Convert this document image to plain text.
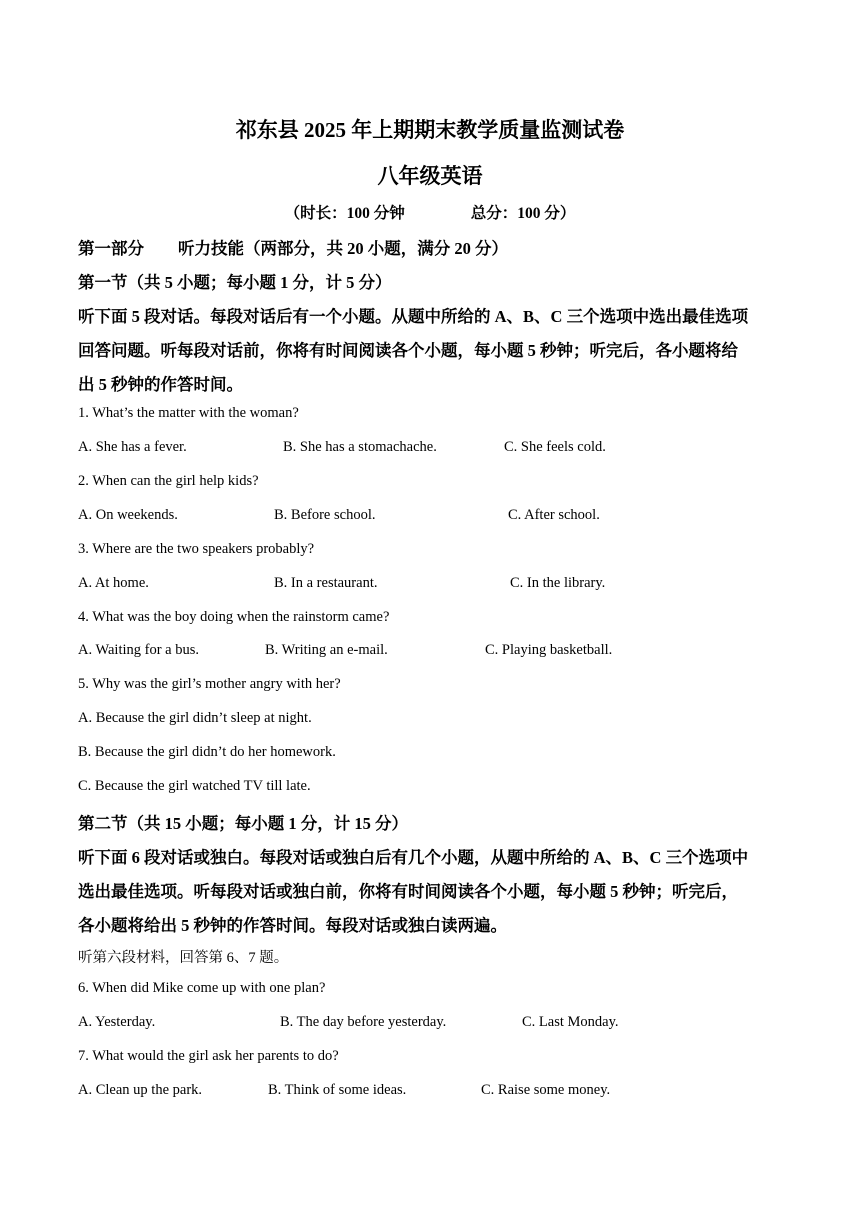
祁东县 2025 年上期期末教学质量监测试卷
八年级英语
（时长：100 分钟	总分：100 分）
第一部分 听力技能（两部分，共 20 小题，满分 20 分）
第一节（共 5 小题；每小题 1 分，计 5 分）
听下面 5 段对话。每段对话后有一个小题。从题中所给的 A、B、C 三个选项中选出最佳选项
回答问题。听每段对话前，你将有时间阅读各个小题，每小题 5 秒钟；听完后，各小题将给
出 5 秒钟的作答时间。
1. What’s the matter with the woman?
A. She has a fever.	B. She has a stomachache.	C. She feels cold.
2. When can the girl help kids?
A. On weekends.	B. Before school.	C. After school.
3. Where are the two speakers probably?
A. At home.	B. In a restaurant.	C. In the library.
4. What was the boy doing when the rainstorm came?
A. Waiting for a bus.	B. Writing an e-mail.	C. Playing basketball.
5. Why was the girl’s mother angry with her?
A. Because the girl didn’t sleep at night.
B. Because the girl didn’t do her homework.
C. Because the girl watched TV till late.
第二节（共 15 小题；每小题 1 分，计 15 分）
听下面 6 段对话或独白。每段对话或独白后有几个小题，从题中所给的 A、B、C 三个选项中
选出最佳选项。听每段对话或独白前，你将有时间阅读各个小题，每小题 5 秒钟；听完后，
各小题将给出 5 秒钟的作答时间。每段对话或独白读两遍。
听第六段材料，回答第 6、7 题。
6. When did Mike come up with one plan?
A. Yesterday.	B. The day before yesterday.	C. Last Monday.
7. What would the girl ask her parents to do?
A. Clean up the park.	B. Think of some ideas.	C. Raise some money.
